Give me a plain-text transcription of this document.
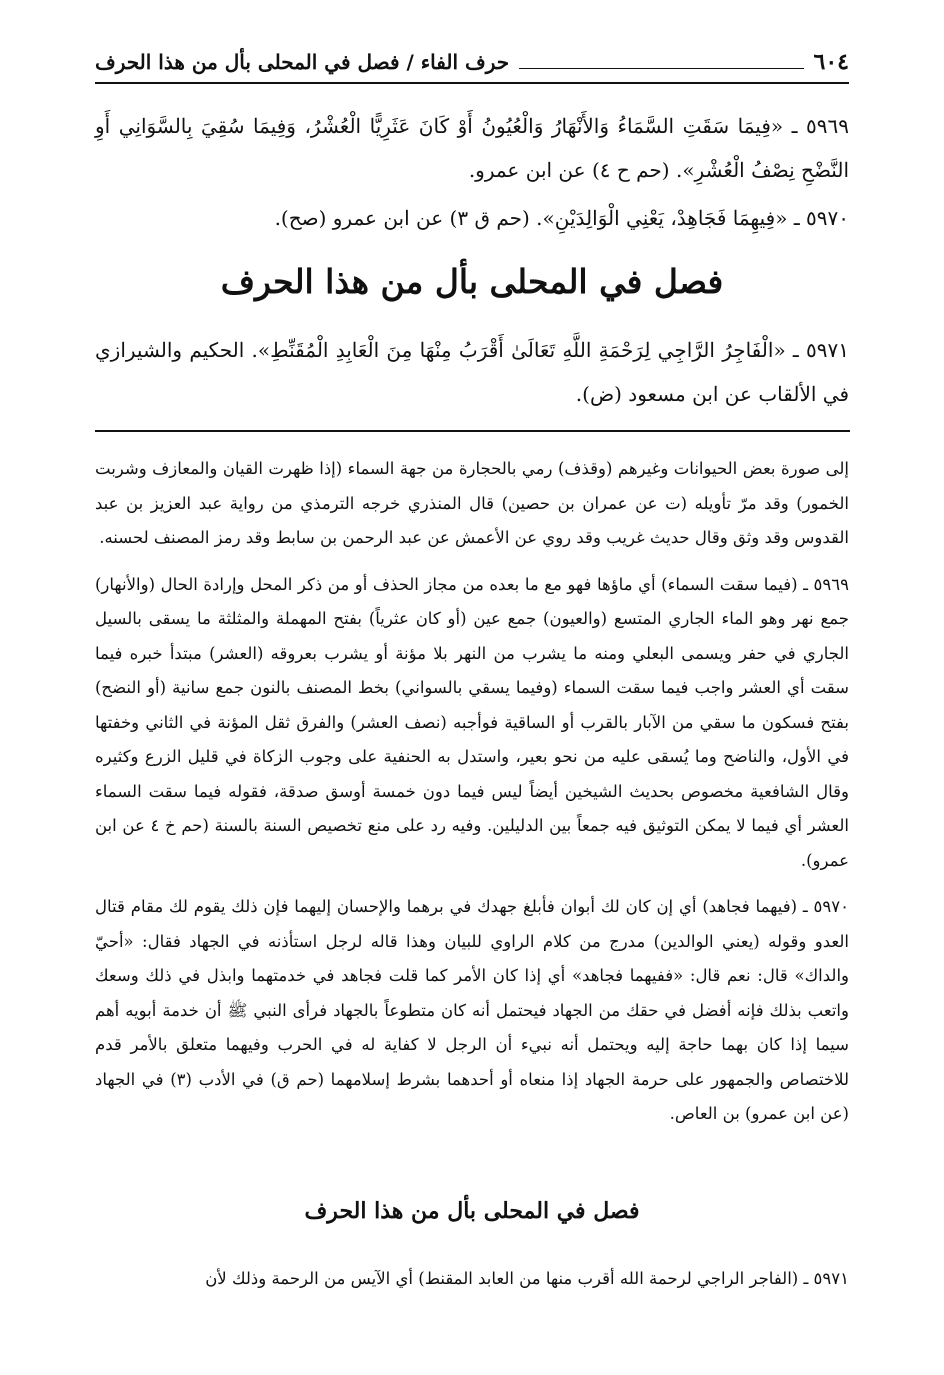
٦٠٤
حرف الفاء / فصل في المحلى بأل من هذا الحرف

٥٩٦٩ ـ «فِيمَا سَقَتِ السَّمَاءُ وَالأَنْهَارُ وَالْعُيُونُ أَوْ كَانَ عَثَرِيًّا الْعُشْرُ، وَفِيمَا سُقِيَ بِالسَّوَانِي أَوِ النَّضْحِ نِصْفُ الْعُشْرِ». (حم ح ٤) عن ابن عمرو.

٥٩٧٠ ـ «فِيهِمَا فَجَاهِدْ، يَعْنِي الْوَالِدَيْنِ». (حم ق ٣) عن ابن عمرو (صح).

فصل في المحلى بأل من هذا الحرف

٥٩٧١ ـ «الْفَاجِرُ الرَّاجِي لِرَحْمَةِ اللَّهِ تَعَالَىٰ أَقْرَبُ مِنْهَا مِنَ الْعَابِدِ الْمُقَنِّطِ». الحكيم والشيرازي في الألقاب عن ابن مسعود (ض).

إلى صورة بعض الحيوانات وغيرهم (وقذف) رمي بالحجارة من جهة السماء (إذا ظهرت القيان والمعازف وشربت الخمور) وقد مرّ تأويله (ت عن عمران بن حصين) قال المنذري خرجه الترمذي من رواية عبد العزيز بن عبد القدوس وقد وثق وقال حديث غريب وقد روي عن الأعمش عن عبد الرحمن بن سابط وقد رمز المصنف لحسنه.

٥٩٦٩ ـ (فيما سقت السماء) أي ماؤها فهو مع ما بعده من مجاز الحذف أو من ذكر المحل وإرادة الحال (والأنهار) جمع نهر وهو الماء الجاري المتسع (والعيون) جمع عين (أو كان عثرياً) بفتح المهملة والمثلثة ما يسقى بالسيل الجاري في حفر ويسمى البعلي ومنه ما يشرب من النهر بلا مؤنة أو يشرب بعروقه (العشر) مبتدأ خبره فيما سقت أي العشر واجب فيما سقت السماء (وفيما يسقي بالسواني) بخط المصنف بالنون جمع سانية (أو النضح) بفتح فسكون ما سقي من الآبار بالقرب أو الساقية فوأجبه (نصف العشر) والفرق ثقل المؤنة في الثاني وخفتها في الأول، والناضح وما يُسقى عليه من نحو بعير، واستدل به الحنفية على وجوب الزكاة في قليل الزرع وكثيره وقال الشافعية مخصوص بحديث الشيخين أيضاً ليس فيما دون خمسة أوسق صدقة، فقوله فيما سقت السماء العشر أي فيما لا يمكن التوثيق فيه جمعاً بين الدليلين. وفيه رد على منع تخصيص السنة بالسنة (حم خ ٤ عن ابن عمرو).

٥٩٧٠ ـ (فيهما فجاهد) أي إن كان لك أبوان فأبلغ جهدك في برهما والإحسان إليهما فإن ذلك يقوم لك مقام قتال العدو وقوله (يعني الوالدين) مدرج من كلام الراوي للبيان وهذا قاله لرجل استأذنه في الجهاد فقال: «أحيّ والداك» قال: نعم قال: «ففيهما فجاهد» أي إذا كان الأمر كما قلت فجاهد في خدمتهما وابذل في ذلك وسعك واتعب بذلك فإنه أفضل في حقك من الجهاد فيحتمل أنه كان متطوعاً بالجهاد فرأى النبي ﷺ أن خدمة أبويه أهم سيما إذا كان بهما حاجة إليه ويحتمل أنه نبيء أن الرجل لا كفاية له في الحرب وفيهما متعلق بالأمر قدم للاختصاص والجمهور على حرمة الجهاد إذا منعاه أو أحدهما بشرط إسلامهما (حم ق) في الأدب (٣) في الجهاد (عن ابن عمرو) بن العاص.

فصل في المحلى بأل من هذا الحرف

٥٩٧١ ـ (الفاجر الراجي لرحمة الله أقرب منها من العابد المقنط) أي الآيس من الرحمة وذلك لأن
